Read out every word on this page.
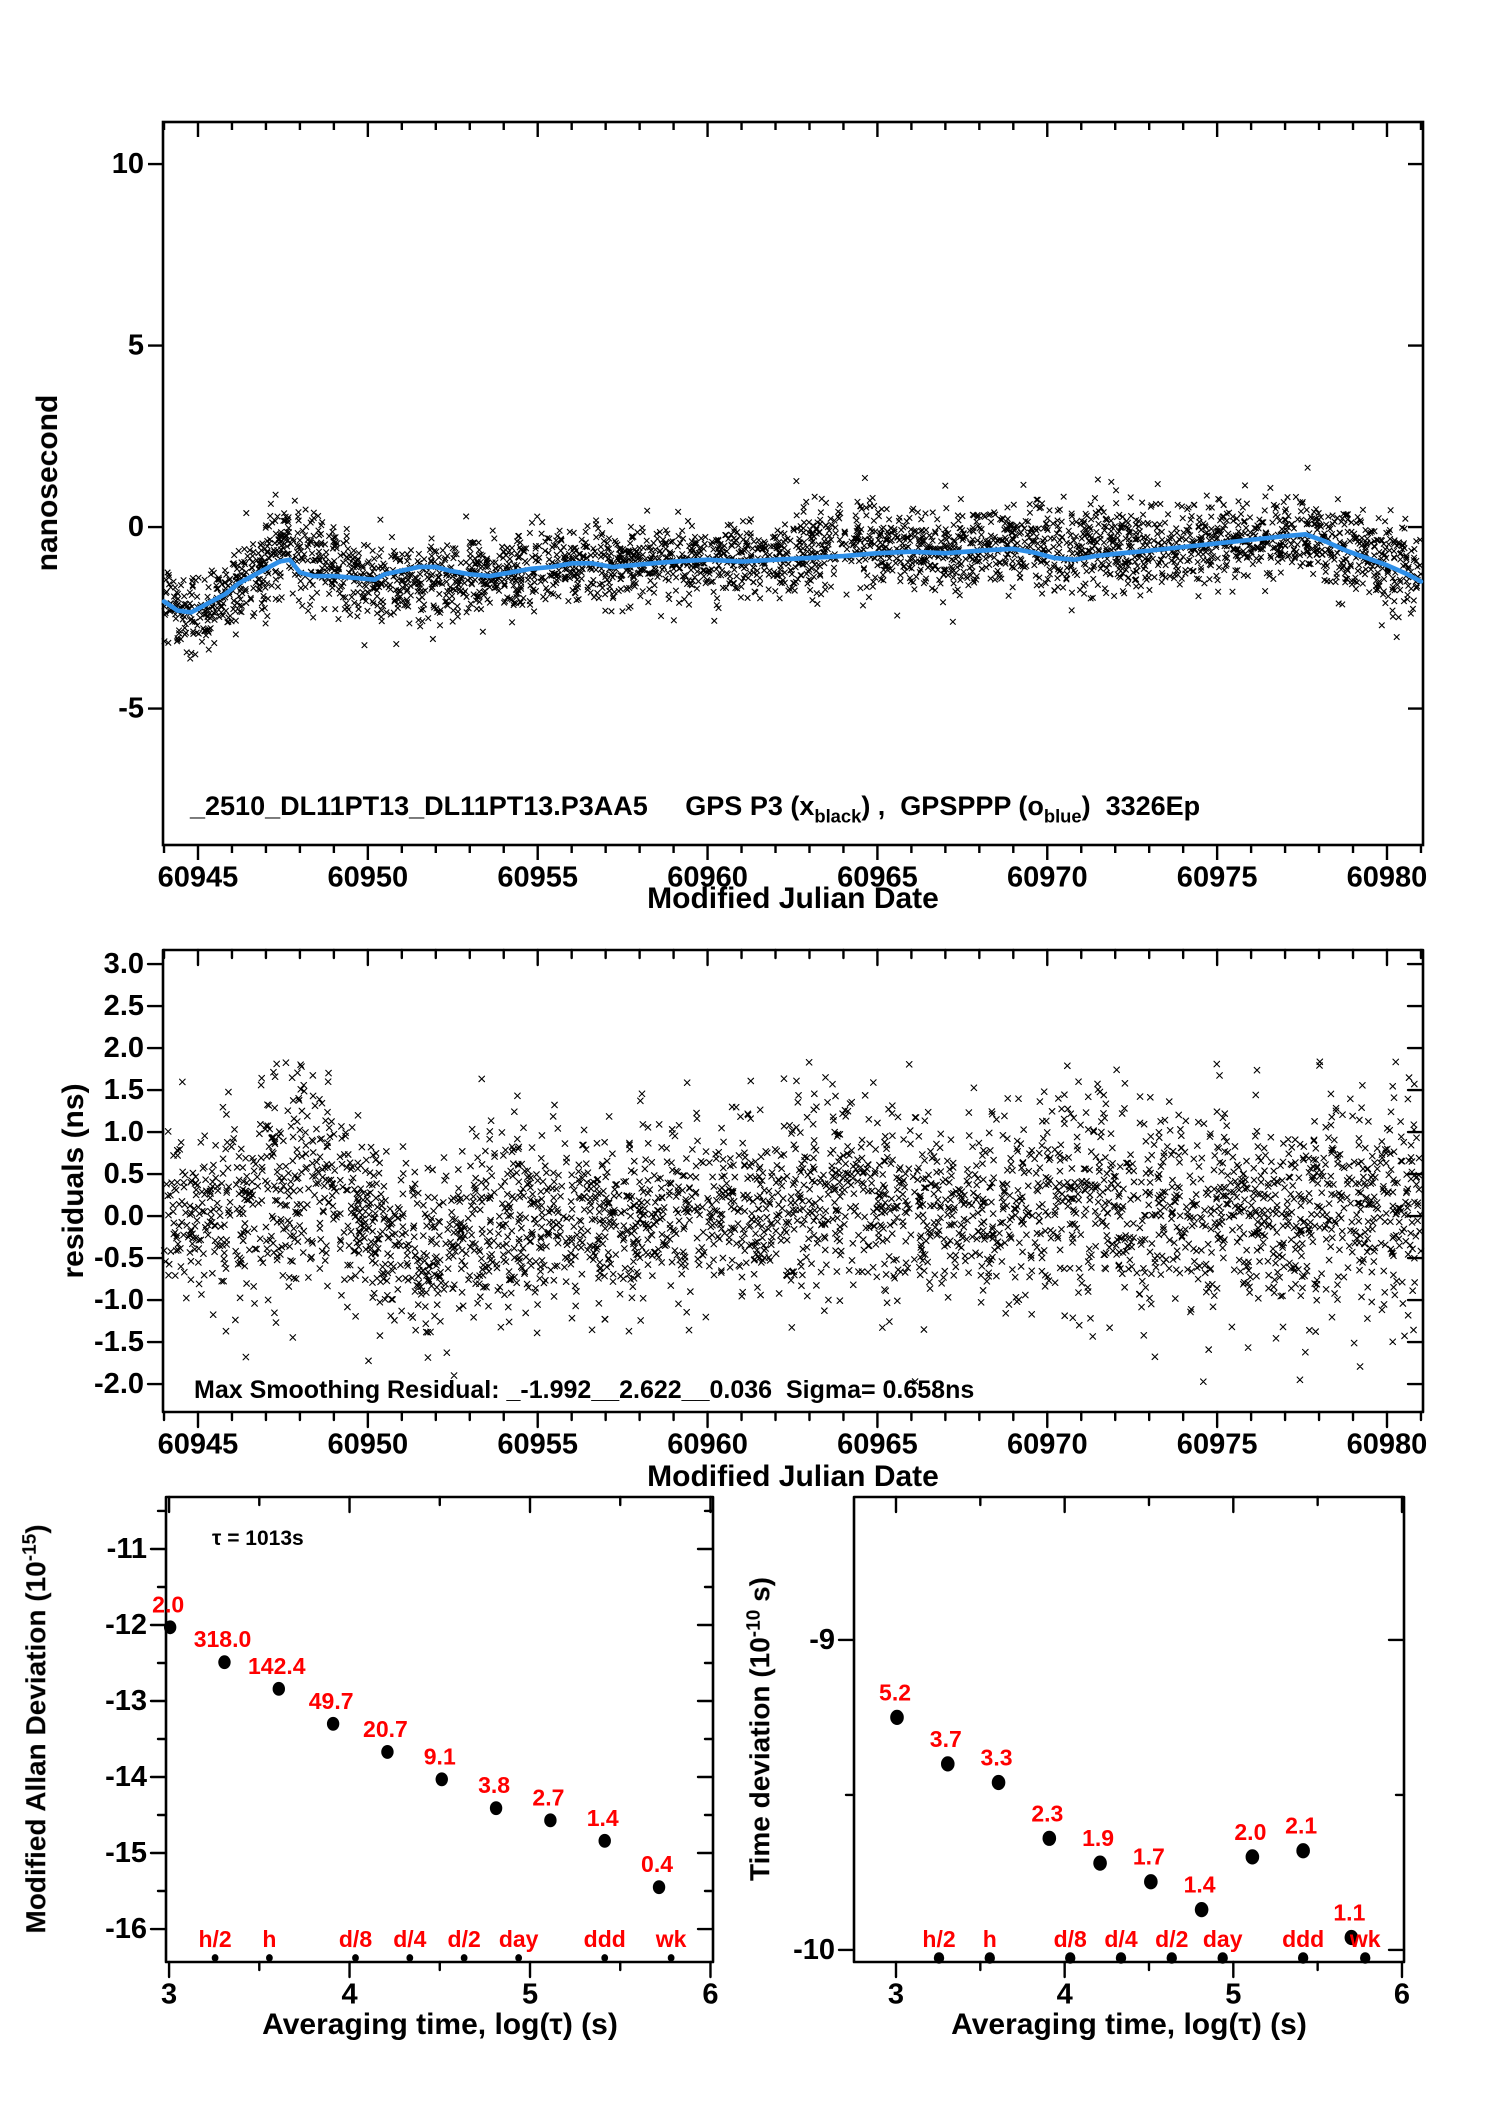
_2510_DL11PT13_DL11PT13.P3AA5     GPS P3 $(x_{black})$ ,  GPSPPP $(o_{blue})$  3326Ep
nanosecond
Modified Julian Date
Max Smoothing Residual: _-1.992__2.622__0.036  Sigma= 0.658ns
residuals (ns)
Modified Julian Date
Modified Allan Deviation $(10^{-15})$
Averaging time, log(τ) (s)
Time deviation ($10^{-10}$ s)
Averaging time, log(τ) (s)
